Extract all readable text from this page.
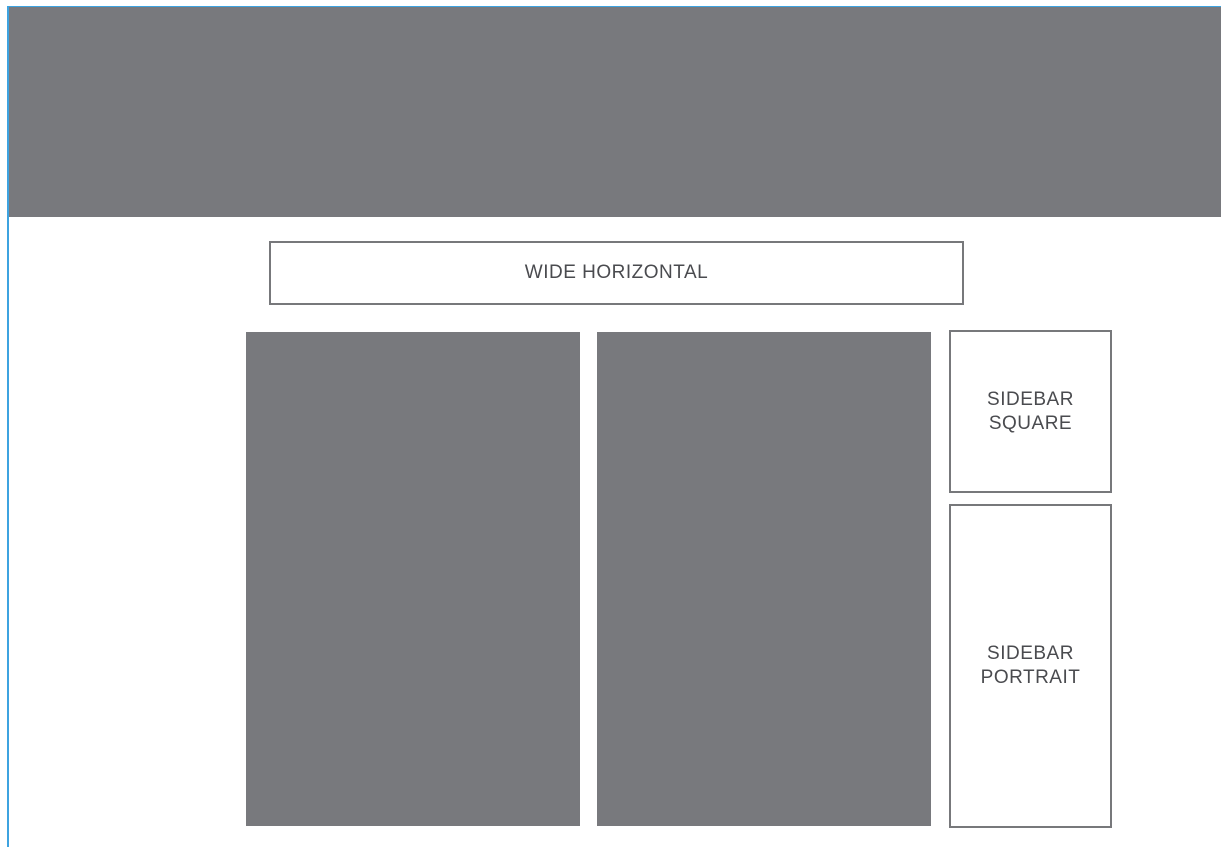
WIDE HORIZONTAL
SIDEBAR
SQUARE
SIDEBAR
PORTRAIT
